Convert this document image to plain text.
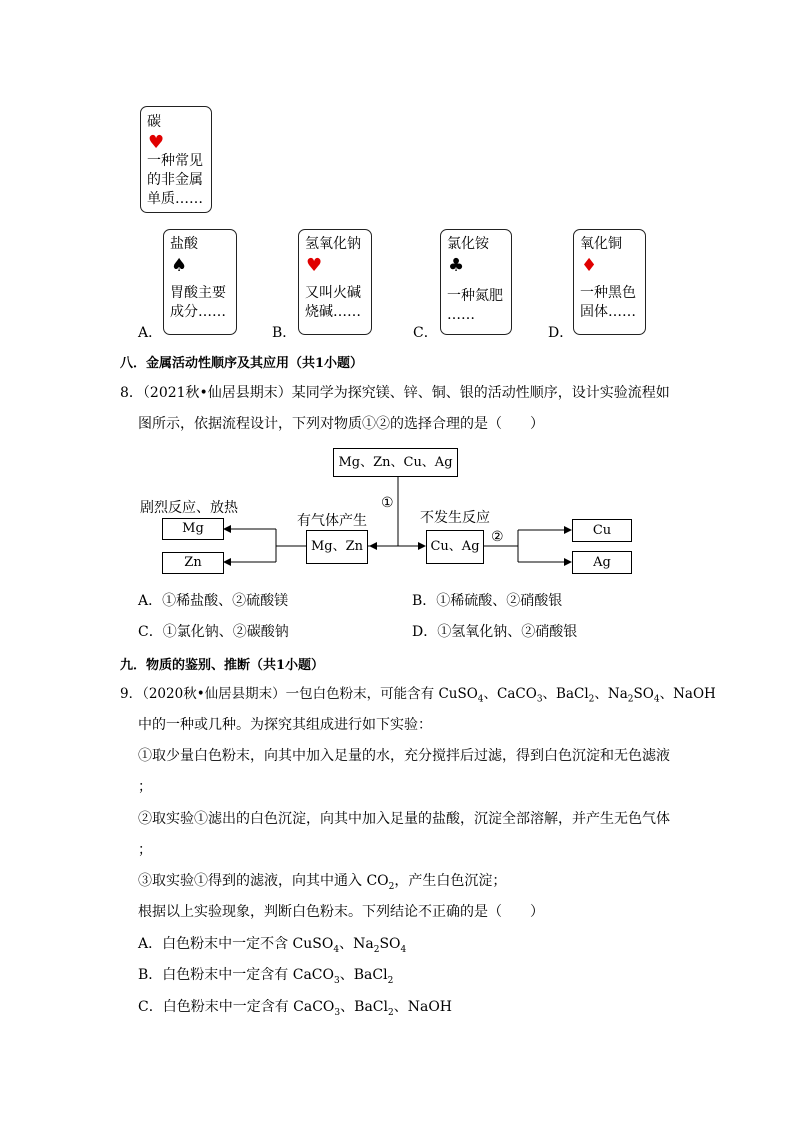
碳
♥
一种常见
的非金属
单质……
A．
盐酸
♠
胃酸主要
成分……
B．
氢氧化钠
♥
又叫火碱
烧碱……
C．
氯化铵
♣
一种氮肥
……
D．
氧化铜
♦
一种黑色
固体……
八．金属活动性顺序及其应用（共1小题）
8．（2021秋•仙居县期末）某同学为探究镁、锌、铜、银的活动性顺序，设计实验流程如
图所示，依据流程设计，下列对物质①②的选择合理的是（　　）
Mg、Zn、Cu、Ag
①
有气体产生
Mg、Zn
剧烈反应、放热
Mg
Zn
不发生反应
Cu、Ag
②	Cu
Ag
A．①稀盐酸、②硫酸镁	B．①稀硫酸、②硝酸银
C．①氯化钠、②碳酸钠	D．①氢氧化钠、②硝酸银
九．物质的鉴别、推断（共1小题）
9．（2020秋•仙居县期末）一包白色粉末，可能含有 CuSO$_4$、CaCO$_3$、BaCl$_2$、$Na_2SO_4$、NaOH
中的一种或几种。为探究其组成进行如下实验：
①取少量白色粉末，向其中加入足量的水，充分搅拌后过滤，得到白色沉淀和无色滤液
；
②取实验①滤出的白色沉淀，向其中加入足量的盐酸，沉淀全部溶解，并产生无色气体
；
③取实验①得到的滤液，向其中通入 $CO_2$，产生白色沉淀；
根据以上实验现象，判断白色粉末。下列结论不正确的是（　　）
A．白色粉末中一定不含 CuSO$_4$、$Na_2SO_4$
B．白色粉末中一定含有 CaCO$_3$、BaCl$_2$
C．白色粉末中一定含有 CaCO$_3$、BaCl$_2$、NaOH
